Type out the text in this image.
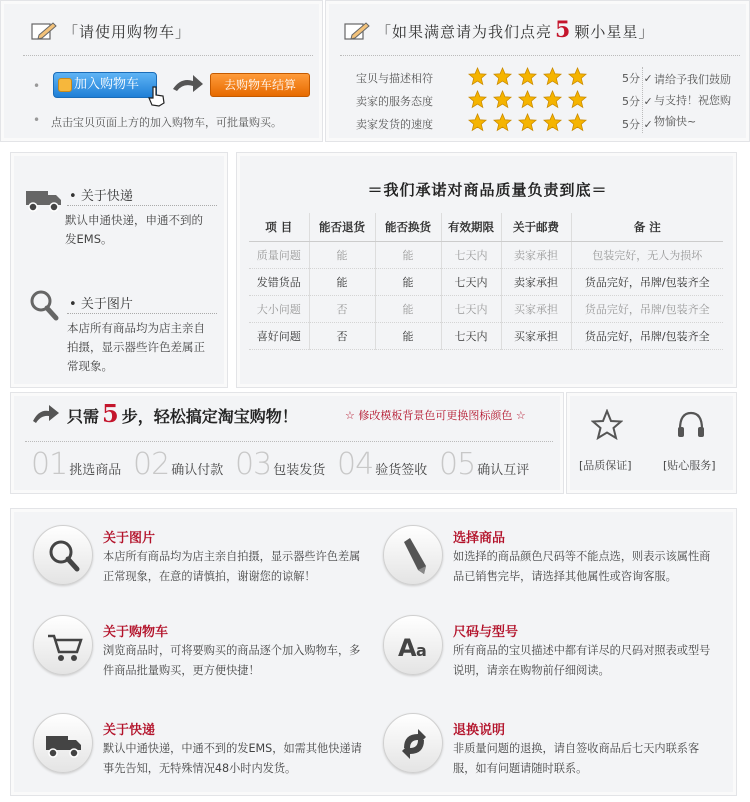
「请使用购物车」
•	加入购物车	去购物车结算
• 点击宝贝页面上方的加入购物车，可批量购买。
「如果满意请为我们点亮 5 颗小星星」
宝贝与描述相符	5分 ✓
卖家的服务态度	5分 ✓
卖家发货的速度	5分 ✓
请给予我们鼓励与支持！祝您购物愉快~
• 关于快递
默认申通快递，申通不到的发EMS。
• 关于图片
本店所有商品均为店主亲自拍摄，显示器些许色差属正常现象。
＝我们承诺对商品质量负责到底＝
项 目	能否退货	能否换货	有效期限	关于邮费	备 注
质量问题	能	能	七天内	卖家承担	包装完好，无人为损坏
发错货品	能	能	七天内	卖家承担	货品完好，吊牌/包装齐全
大小问题	否	能	七天内	买家承担	货品完好，吊牌/包装齐全
喜好问题	否	能	七天内	买家承担	货品完好，吊牌/包装齐全
只需 5 步，轻松搞定淘宝购物！	☆ 修改模板背景色可更换图标颜色 ☆
01 挑选商品 02 确认付款 03 包装发货 04 验货签收 05 确认互评	[品质保证]	[贴心服务]
关于图片
本店所有商品均为店主亲自拍摄，显示器些许色差属正常现象，在意的请慎拍，谢谢您的谅解！
选择商品
如选择的商品颜色尺码等不能点选，则表示该属性商品已销售完毕，请选择其他属性或咨询客服。
关于购物车
浏览商品时，可将要购买的商品逐个加入购物车，多件商品批量购买，更方便快捷！
A a
尺码与型号
所有商品的宝贝描述中都有详尽的尺码对照表或型号说明，请亲在购物前仔细阅读。
关于快递
默认中通快递，中通不到的发EMS，如需其他快递请事先告知，无特殊情况48小时内发货。
退换说明
非质量问题的退换，请自签收商品后七天内联系客服，如有问题请随时联系。
